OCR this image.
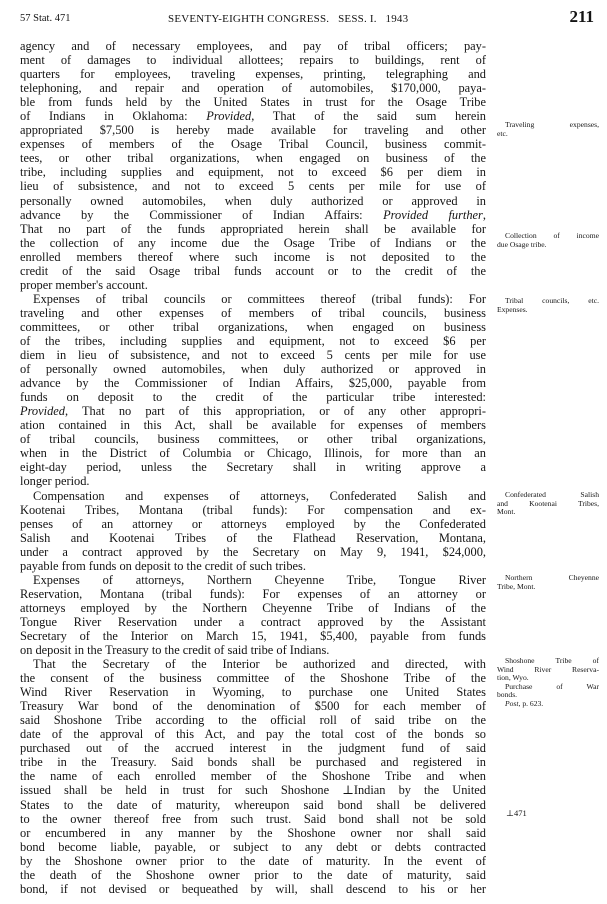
57 Stat. 471	SEVENTY-EIGHTH CONGRESS.   SESS. I.   1943	211
agency and of necessary employees, and pay of tribal officers; pay-
ment of damages to individual allottees; repairs to buildings, rent of
quarters for employees, traveling expenses, printing, telegraphing and
telephoning, and repair and operation of automobiles, $170,000, paya-
ble from funds held by the United States in trust for the Osage Tribe
of Indians in Oklahoma: Provided, That of the said sum herein
appropriated $7,500 is hereby made available for traveling and other
expenses of members of the Osage Tribal Council, business commit-
tees, or other tribal organizations, when engaged on business of the
tribe, including supplies and equipment, not to exceed $6 per diem in
lieu of subsistence, and not to exceed 5 cents per mile for use of
personally owned automobiles, when duly authorized or approved in
advance by the Commissioner of Indian Affairs: Provided further,
That no part of the funds appropriated herein shall be available for
the collection of any income due the Osage Tribe of Indians or the
enrolled members thereof where such income is not deposited to the
credit of the said Osage tribal funds account or to the credit of the
proper member's account.
Expenses of tribal councils or committees thereof (tribal funds): For
traveling and other expenses of members of tribal councils, business
committees, or other tribal organizations, when engaged on business
of the tribes, including supplies and equipment, not to exceed $6 per
diem in lieu of subsistence, and not to exceed 5 cents per mile for use
of personally owned automobiles, when duly authorized or approved in
advance by the Commissioner of Indian Affairs, $25,000, payable from
funds on deposit to the credit of the particular tribe interested:
Provided, That no part of this appropriation, or of any other appropri-
ation contained in this Act, shall be available for expenses of members
of tribal councils, business committees, or other tribal organizations,
when in the District of Columbia or Chicago, Illinois, for more than an
eight-day period, unless the Secretary shall in writing approve a
longer period.
Compensation and expenses of attorneys, Confederated Salish and
Kootenai Tribes, Montana (tribal funds): For compensation and ex-
penses of an attorney or attorneys employed by the Confederated
Salish and Kootenai Tribes of the Flathead Reservation, Montana,
under a contract approved by the Secretary on May 9, 1941, $24,000,
payable from funds on deposit to the credit of such tribes.
Expenses of attorneys, Northern Cheyenne Tribe, Tongue River
Reservation, Montana (tribal funds): For expenses of an attorney or
attorneys employed by the Northern Cheyenne Tribe of Indians of the
Tongue River Reservation under a contract approved by the Assistant
Secretary of the Interior on March 15, 1941, $5,400, payable from funds
on deposit in the Treasury to the credit of said tribe of Indians.
That the Secretary of the Interior be authorized and directed, with
the consent of the business committee of the Shoshone Tribe of the
Wind River Reservation in Wyoming, to purchase one United States
Treasury War bond of the denomination of $500 for each member of
said Shoshone Tribe according to the official roll of said tribe on the
date of the approval of this Act, and pay the total cost of the bonds so
purchased out of the accrued interest in the judgment fund of said
tribe in the Treasury. Said bonds shall be purchased and registered in
the name of each enrolled member of the Shoshone Tribe and when
issued shall be held in trust for such Shoshone ⊥Indian by the United
States to the date of maturity, whereupon said bond shall be delivered
to the owner thereof free from such trust. Said bond shall not be sold
or encumbered in any manner by the Shoshone owner nor shall said
bond become liable, payable, or subject to any debt or debts contracted
by the Shoshone owner prior to the date of maturity. In the event of
the death of the Shoshone owner prior to the date of maturity, said
bond, if not devised or bequeathed by will, shall descend to his or her
Traveling expenses,
etc.
Collection of income
due Osage tribe.
Tribal councils, etc.
Expenses.
Confederated Salish
and Kootenai Tribes,
Mont.
Northern Cheyenne
Tribe, Mont.
Shoshone Tribe of
Wind River Reserva-
tion, Wyo.
Purchase of War
bonds.
Post, p. 623.
⊥471
